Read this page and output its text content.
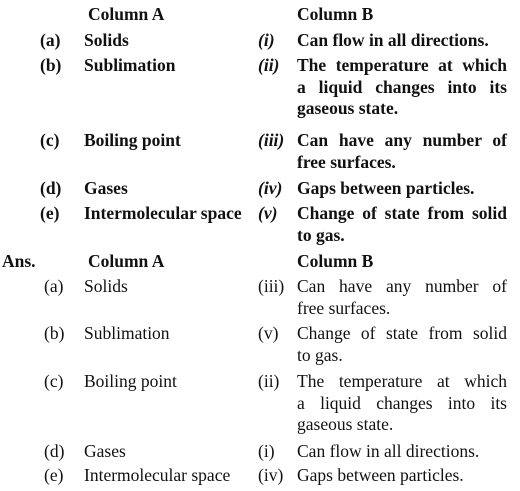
Column A	Column B
(a) Solids	(i) Can flow in all directions.
(b) Sublimation	(ii) The temperature at which
a liquid changes into its
gaseous state.
(c) Boiling point	(iii) Can have any number of
free surfaces.
(d) Gases	(iv) Gaps between particles.
(e) Intermolecular space (v) Change of state from solid
to gas.
Ans.	Column A	Column B
(a) Solids	(iii) Can have any number of
free surfaces.
(b) Sublimation	(v) Change of state from solid
to gas.
(c) Boiling point	(ii) The temperature at which
a liquid changes into its
gaseous state.
(d) Gases	(i) Can flow in all directions.
(e) Intermolecular space (iv) Gaps between particles.
